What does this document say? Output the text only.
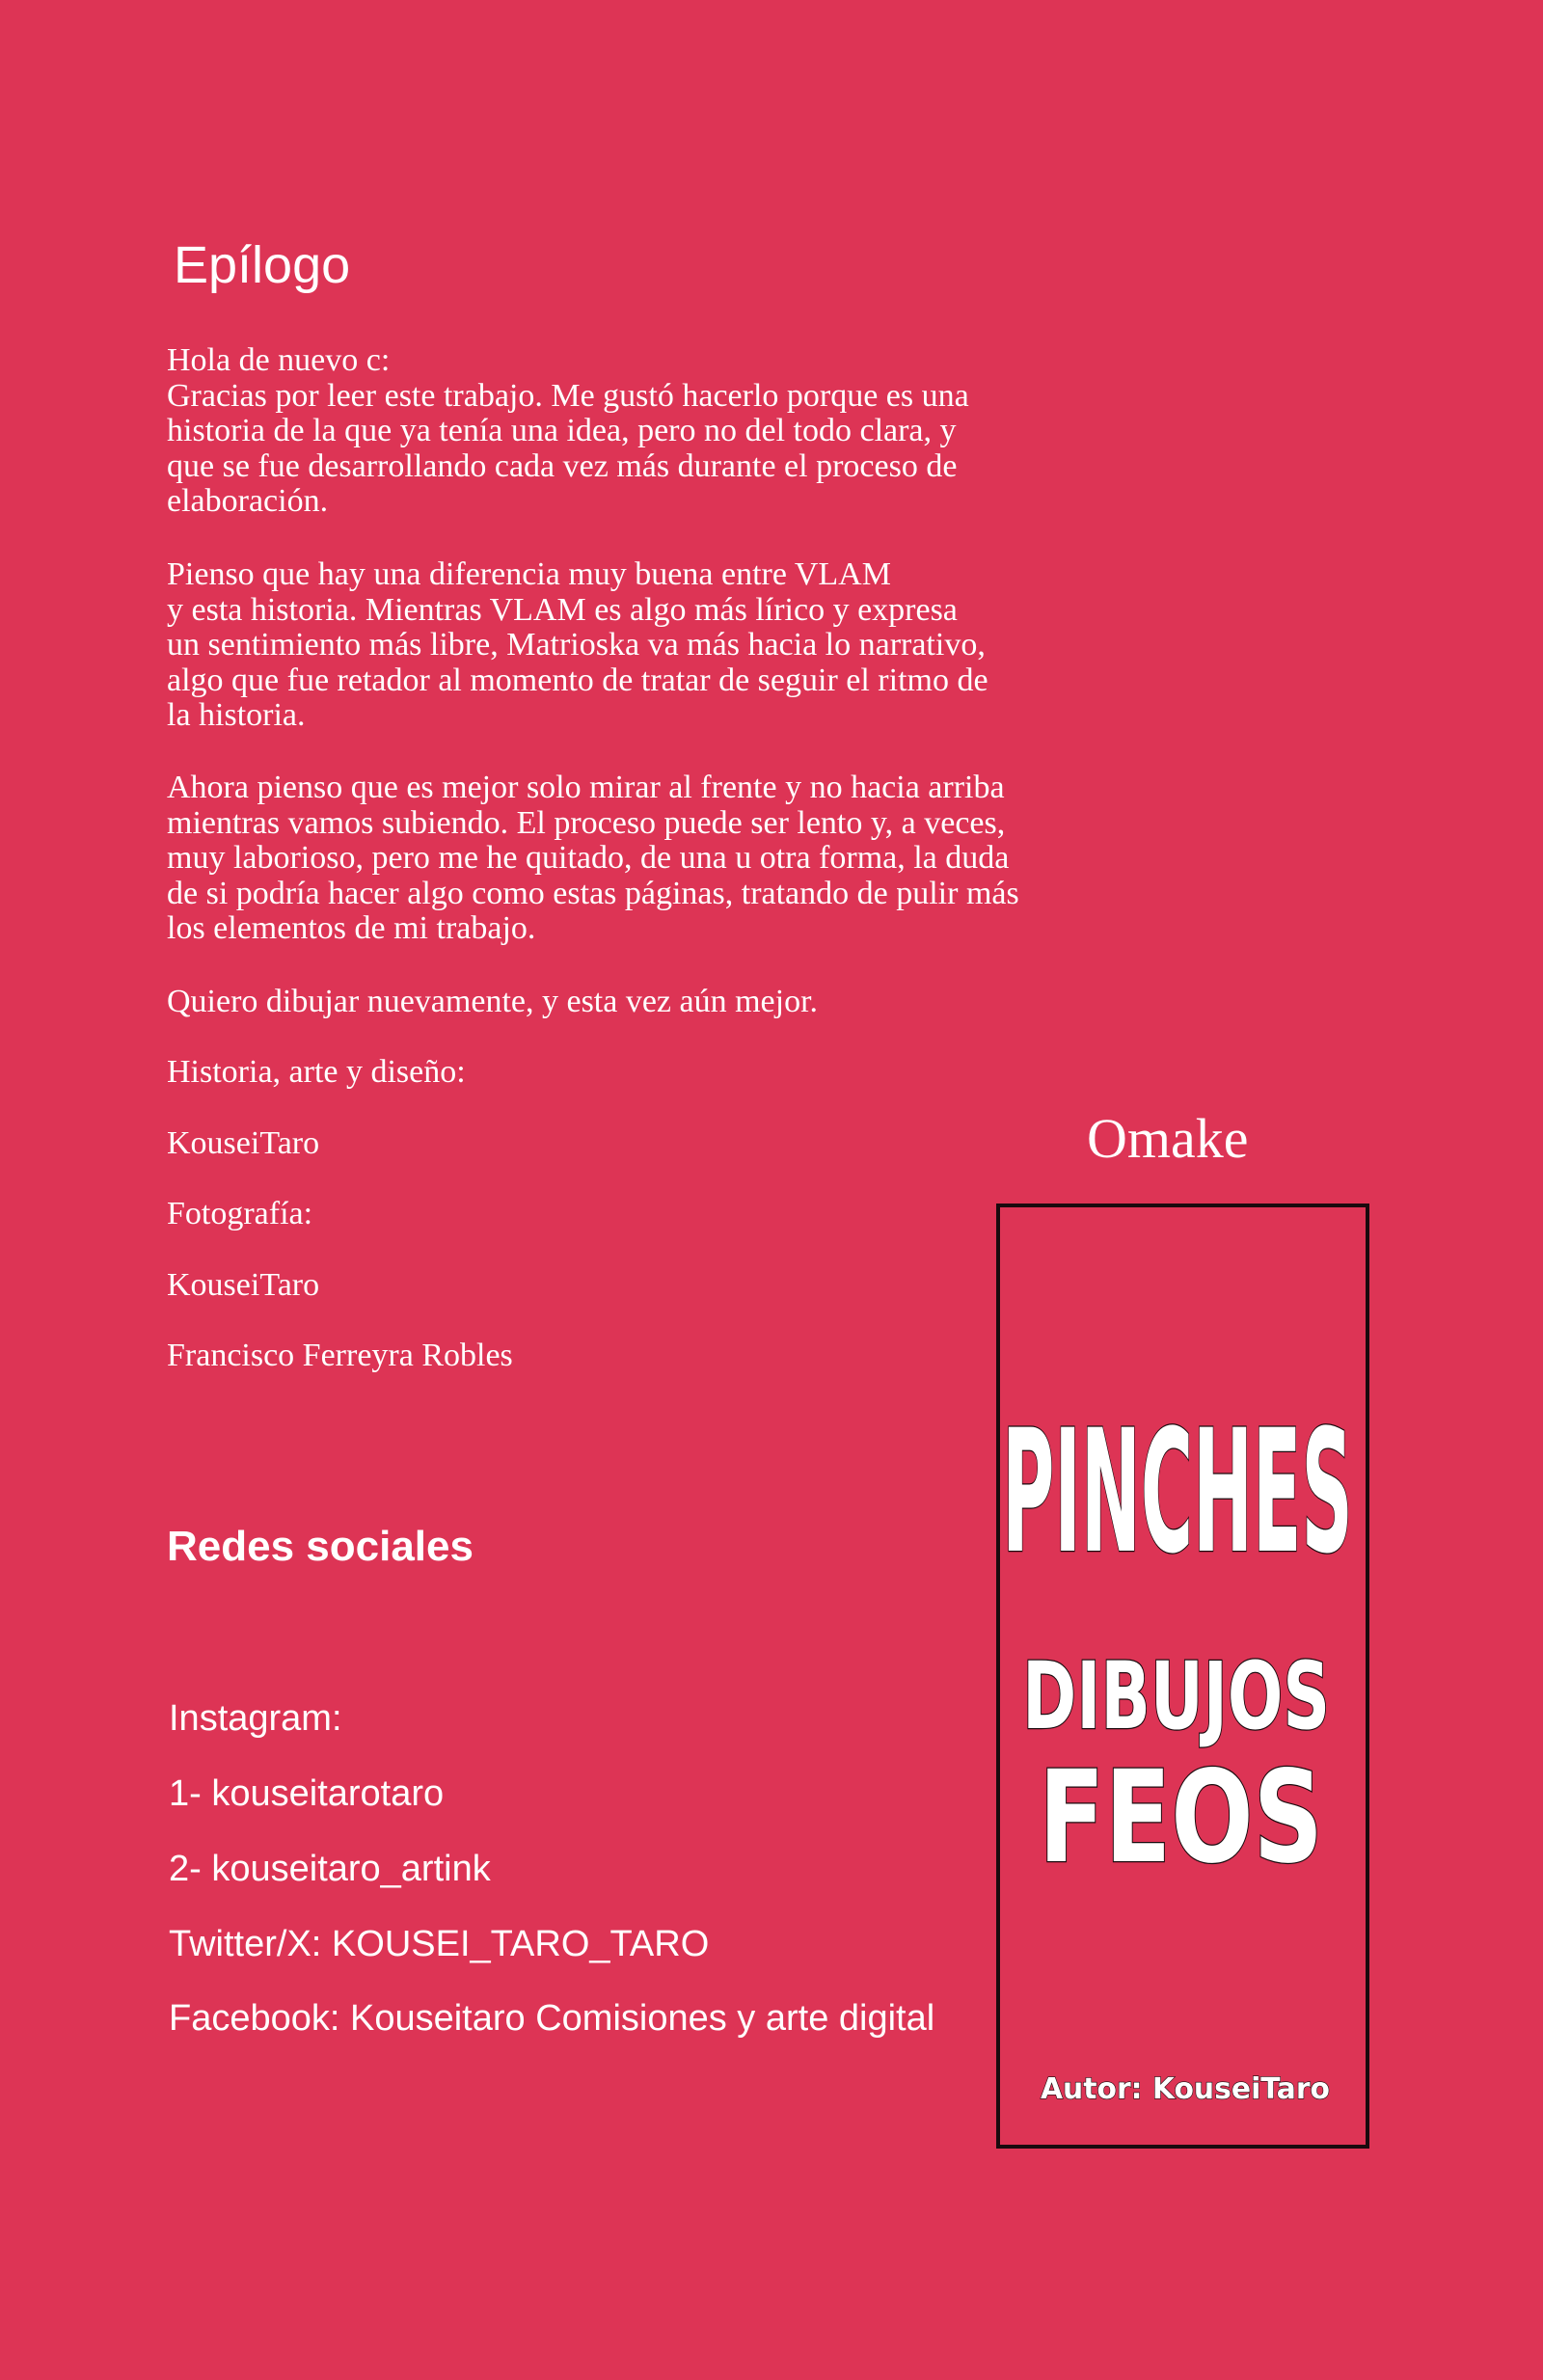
Epílogo

Hola de nuevo c:
Gracias por leer este trabajo. Me gustó hacerlo porque es una
historia de la que ya tenía una idea, pero no del todo clara, y
que se fue desarrollando cada vez más durante el proceso de
elaboración.

Pienso que hay una diferencia muy buena entre VLAM
y esta historia. Mientras VLAM es algo más lírico y expresa
un sentimiento más libre, Matrioska va más hacia lo narrativo,
algo que fue retador al momento de tratar de seguir el ritmo de
la historia.

Ahora pienso que es mejor solo mirar al frente y no hacia arriba
mientras vamos subiendo. El proceso puede ser lento y, a veces,
muy laborioso, pero me he quitado, de una u otra forma, la duda
de si podría hacer algo como estas páginas, tratando de pulir más
los elementos de mi trabajo.

Quiero dibujar nuevamente, y esta vez aún mejor.

Historia, arte y diseño:

KouseiTaro

Fotografía:

KouseiTaro

Francisco Ferreyra Robles

Redes sociales

Instagram:

1- kouseitarotaro

2- kouseitaro_artink

Twitter/X: KOUSEI_TARO_TARO

Facebook: Kouseitaro Comisiones y arte digital

Omake

PINCHES
DIBUJOS
FEOS
Autor: KouseiTaro
